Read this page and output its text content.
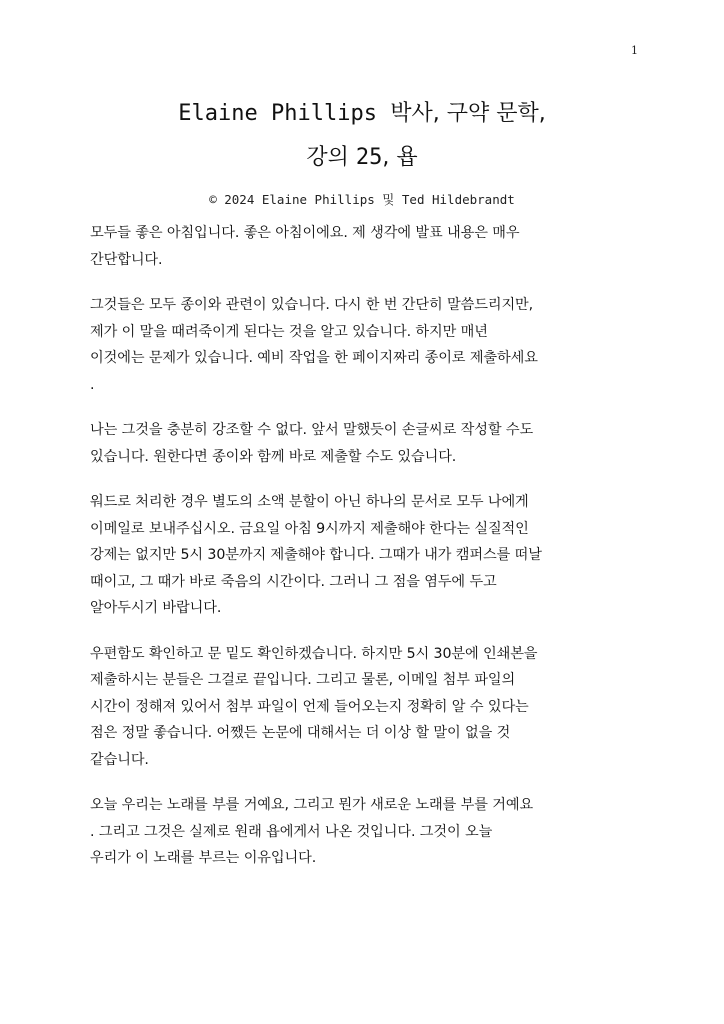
1
Elaine Phillips 박사, 구약 문학,
강의 25, 욥
© 2024 Elaine Phillips 및 Ted Hildebrandt

모두들 좋은 아침입니다. 좋은 아침이에요. 제 생각에 발표 내용은 매우
간단합니다.

그것들은 모두 종이와 관련이 있습니다. 다시 한 번 간단히 말씀드리지만,
제가 이 말을 때려죽이게 된다는 것을 알고 있습니다. 하지만 매년
이것에는 문제가 있습니다. 예비 작업을 한 페이지짜리 종이로 제출하세요
.

나는 그것을 충분히 강조할 수 없다. 앞서 말했듯이 손글씨로 작성할 수도
있습니다. 원한다면 종이와 함께 바로 제출할 수도 있습니다.

워드로 처리한 경우 별도의 소액 분할이 아닌 하나의 문서로 모두 나에게
이메일로 보내주십시오. 금요일 아침 9시까지 제출해야 한다는 실질적인
강제는 없지만 5시 30분까지 제출해야 합니다. 그때가 내가 캠퍼스를 떠날
때이고, 그 때가 바로 죽음의 시간이다. 그러니 그 점을 염두에 두고
알아두시기 바랍니다.

우편함도 확인하고 문 밑도 확인하겠습니다. 하지만 5시 30분에 인쇄본을
제출하시는 분들은 그걸로 끝입니다. 그리고 물론, 이메일 첨부 파일의
시간이 정해져 있어서 첨부 파일이 언제 들어오는지 정확히 알 수 있다는
점은 정말 좋습니다. 어쨌든 논문에 대해서는 더 이상 할 말이 없을 것
같습니다.

오늘 우리는 노래를 부를 거예요, 그리고 뭔가 새로운 노래를 부를 거예요
. 그리고 그것은 실제로 원래 욥에게서 나온 것입니다. 그것이 오늘
우리가 이 노래를 부르는 이유입니다.
